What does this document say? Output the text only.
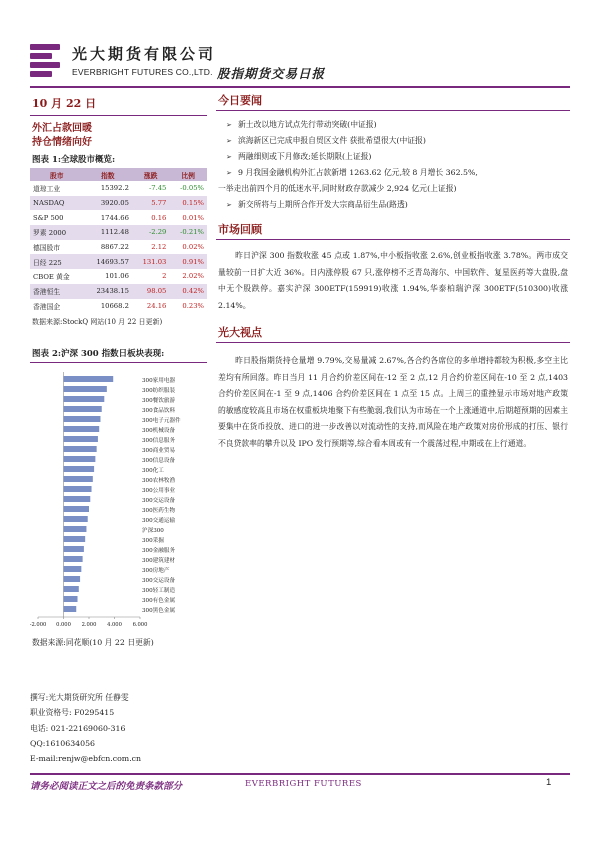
光大期货有限公司
EVERBRIGHT FUTURES CO.,LTD. 股指期货交易日报
10 月 22 日
外汇占款回暖
持仓情绪向好
图表 1:全球股市概览:
股市	指数	涨跌	比例
道琼工业	15392.2	-7.45	-0.05%
NASDAQ	3920.05	5.77	0.15%
S&P 500	1744.66	0.16	0.01%
罗素 2000	1112.48	-2.29	-0.21%
德国股市	8867.22	2.12	0.02%
日经 225	14693.57	131.03	0.91%
CBOE 黄金	101.06	2	2.02%
香港恒生	23438.15	98.05	0.42%
香港国企	10668.2	24.16	0.23%
数据来源:StockQ 网站(10 月 22 日更新)
图表 2:沪深 300 指数日板块表现:
300家用电器
300纺织服装
300餐饮旅游
300食品饮料
300电子元器件
300机械设备
300信息服务
300商业贸易
300信息设备
300化工
300农林牧渔
300公用事业
300交运设备
300医药生物
300交通运输
沪深300
300采掘
300金融服务
300建筑建材
300房地产
300交运设备
300轻工制造
300有色金属
300黑色金属
-2.000 0.000 2.000 4.000 6.000
数据来源:同花顺(10 月 22 日更新)
撰写:光大期货研究所 任静雯
职业资格号: F0295415
电话: 021-22169060-316
QQ:1610634056
E-mail:renjw@ebfcn.com.cn
今日要闻
➢ 新土改以地方试点先行带动突破(中证报)
➢ 滨海新区已完成申报自贸区文件 获批希望很大(中证报)
➢ 两融细则或下月修改;延长期限(上证报)
➢ 9 月我国金融机构外汇占款新增 1263.62 亿元,较 8 月增长 362.5%,
一举走出前四个月的低迷水平,同时财政存款减少 2,924 亿元(上证报)
➢ 新交所将与上期所合作开发大宗商品衍生品(路透)
市场回顾

昨日沪深 300 指数收涨 45 点或 1.87%,中小板指收涨 2.6%,创业板指收涨 3.78%。两市成交量较前一日扩大近 36%。日内涨停股 67 只,涨停榜不乏青岛海尔、中国软件、复星医药等大盘股,盘中无个股跌停。嘉实沪深 300ETF(159919)收涨 1.94%,华泰柏瑞沪深 300ETF(510300)收涨 2.14%。

光大视点

昨日股指期货持仓量增 9.79%,交易量减 2.67%,各合约各席位的多单增持都较为积极,多空主比差均有所回落。昨日当月 11 月合约价差区间在-12 至 2 点,12 月合约价差区间在-10 至 2 点,1403 合约价差区间在-1 至 9 点,1406 合约价差区间在 1 点至 15 点。上周三的重挫显示市场对地产政策的敏感度较高且市场在权重板块地聚下有些脆弱,我们认为市场在一个上涨通道中,后期超预期的因素主要集中在货币投放、进口的进一步改善以对流动性的支持,而风险在地产政策对房价形成的打压、银行不良贷款率的攀升以及 IPO 发行预期等,综合看本周或有一个震荡过程,中期或在上行通道。

请务必阅读正文之后的免责条款部分	EVERBRIGHT FUTURES	1
